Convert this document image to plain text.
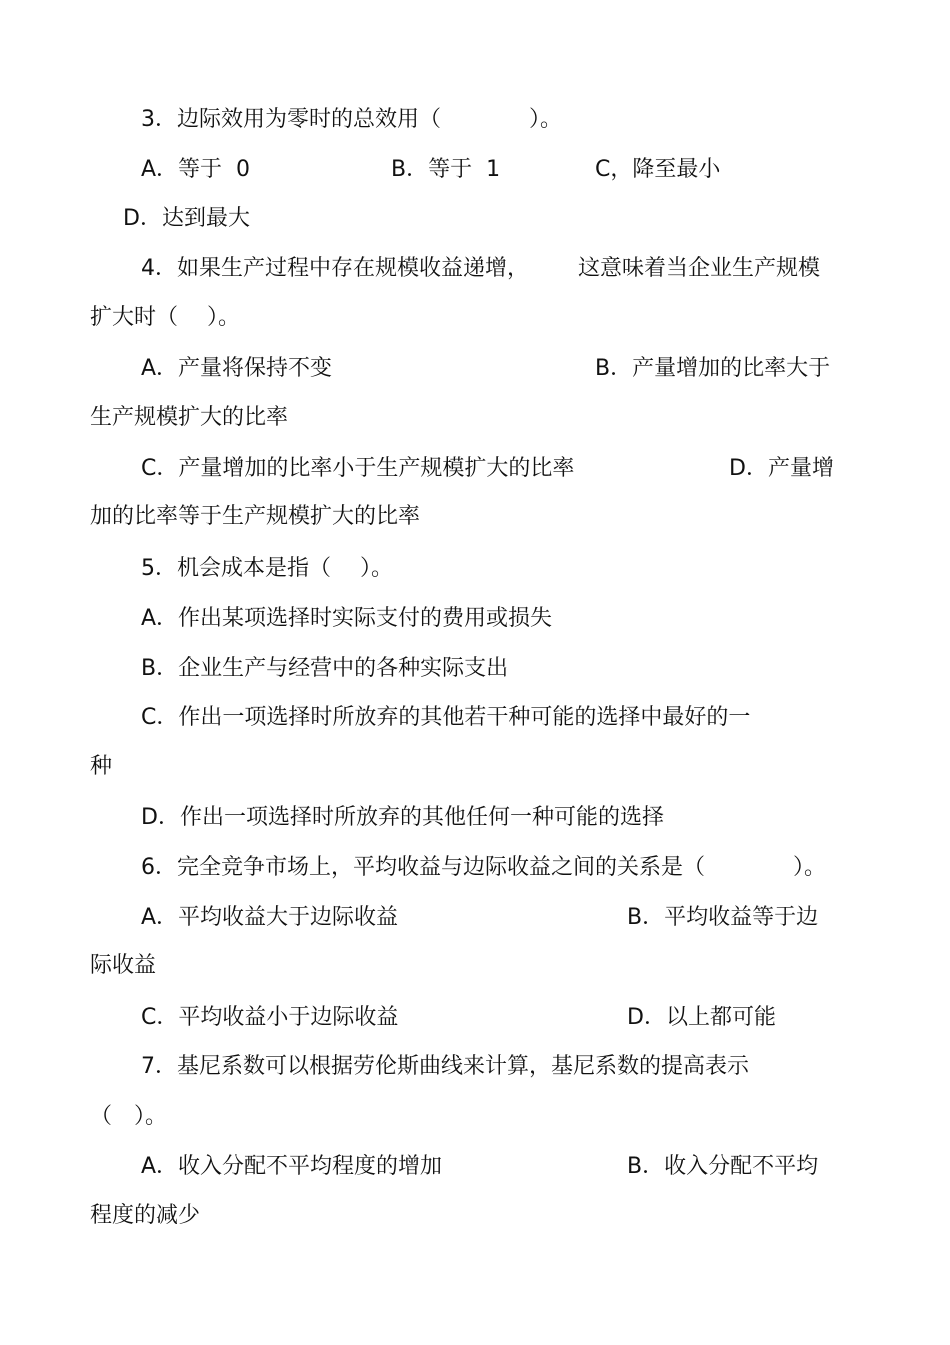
3．边际效用为零时的总效用（　　　　）。
A．等于  0	B．等于  1	C，降至最小
D．达到最大
4．如果生产过程中存在规模收益递增， 这意味着当企业生产规模
扩大时（　 ）。
A．产量将保持不变	B．产量增加的比率大于
生产规模扩大的比率
C．产量增加的比率小于生产规模扩大的比率	D．产量增
加的比率等于生产规模扩大的比率
5．机会成本是指（　 ）。
A．作出某项选择时实际支付的费用或损失
B．企业生产与经营中的各种实际支出
C．作出一项选择时所放弃的其他若干种可能的选择中最好的一
种
D．作出一项选择时所放弃的其他任何一种可能的选择
6．完全竞争市场上，平均收益与边际收益之间的关系是（　　　　）。
A．平均收益大于边际收益	B．平均收益等于边
际收益
C．平均收益小于边际收益	D．以上都可能
7．基尼系数可以根据劳伦斯曲线来计算，基尼系数的提高表示
（　）。
A．收入分配不平均程度的增加	B．收入分配不平均
程度的减少
